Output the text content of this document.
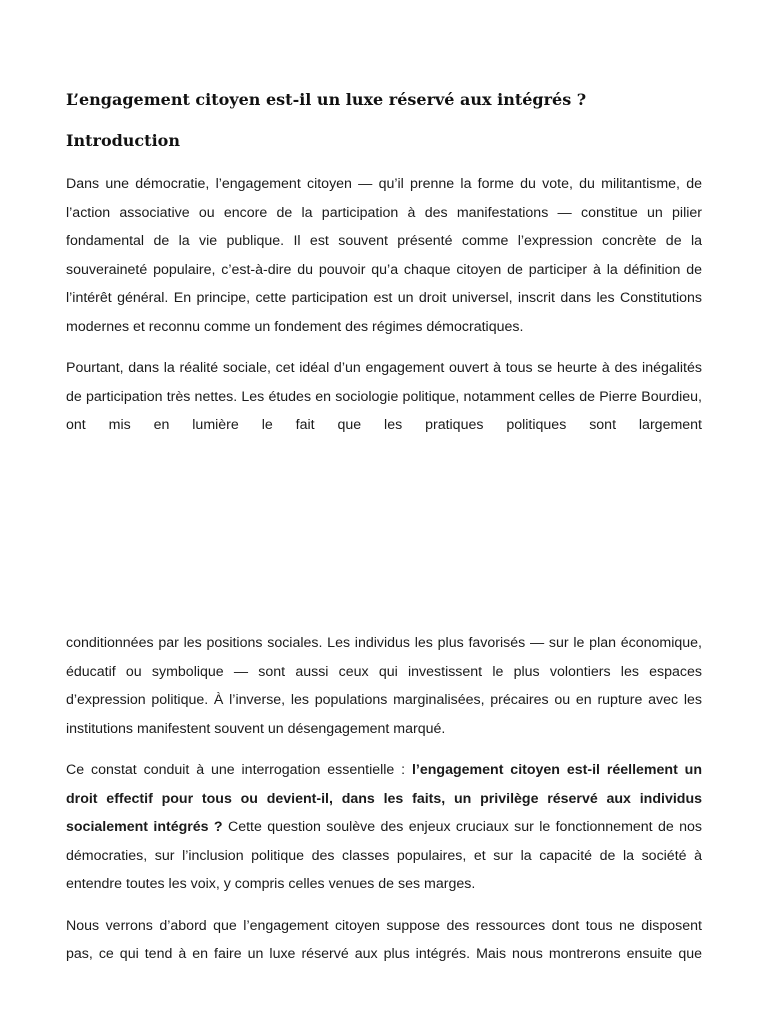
L’engagement citoyen est-il un luxe réservé aux intégrés ?
Introduction

Dans une démocratie, l’engagement citoyen — qu’il prenne la forme du vote, du militantisme, de l’action associative ou encore de la participation à des manifestations — constitue un pilier fondamental de la vie publique. Il est souvent présenté comme l’expression concrète de la souveraineté populaire, c’est-à-dire du pouvoir qu’a chaque citoyen de participer à la définition de l’intérêt général. En principe, cette participation est un droit universel, inscrit dans les Constitutions modernes et reconnu comme un fondement des régimes démocratiques.

Pourtant, dans la réalité sociale, cet idéal d’un engagement ouvert à tous se heurte à des inégalités de participation très nettes. Les études en sociologie politique, notamment celles de Pierre Bourdieu, ont mis en lumière le fait que les pratiques politiques sont largement

conditionnées par les positions sociales. Les individus les plus favorisés — sur le plan économique, éducatif ou symbolique — sont aussi ceux qui investissent le plus volontiers les espaces d’expression politique. À l’inverse, les populations marginalisées, précaires ou en rupture avec les institutions manifestent souvent un désengagement marqué.

Ce constat conduit à une interrogation essentielle : l’engagement citoyen est-il réellement un droit effectif pour tous ou devient-il, dans les faits, un privilège réservé aux individus socialement intégrés ? Cette question soulève des enjeux cruciaux sur le fonctionnement de nos démocraties, sur l’inclusion politique des classes populaires, et sur la capacité de la société à entendre toutes les voix, y compris celles venues de ses marges.

Nous verrons d’abord que l’engagement citoyen suppose des ressources dont tous ne disposent pas, ce qui tend à en faire un luxe réservé aux plus intégrés. Mais nous montrerons ensuite que
